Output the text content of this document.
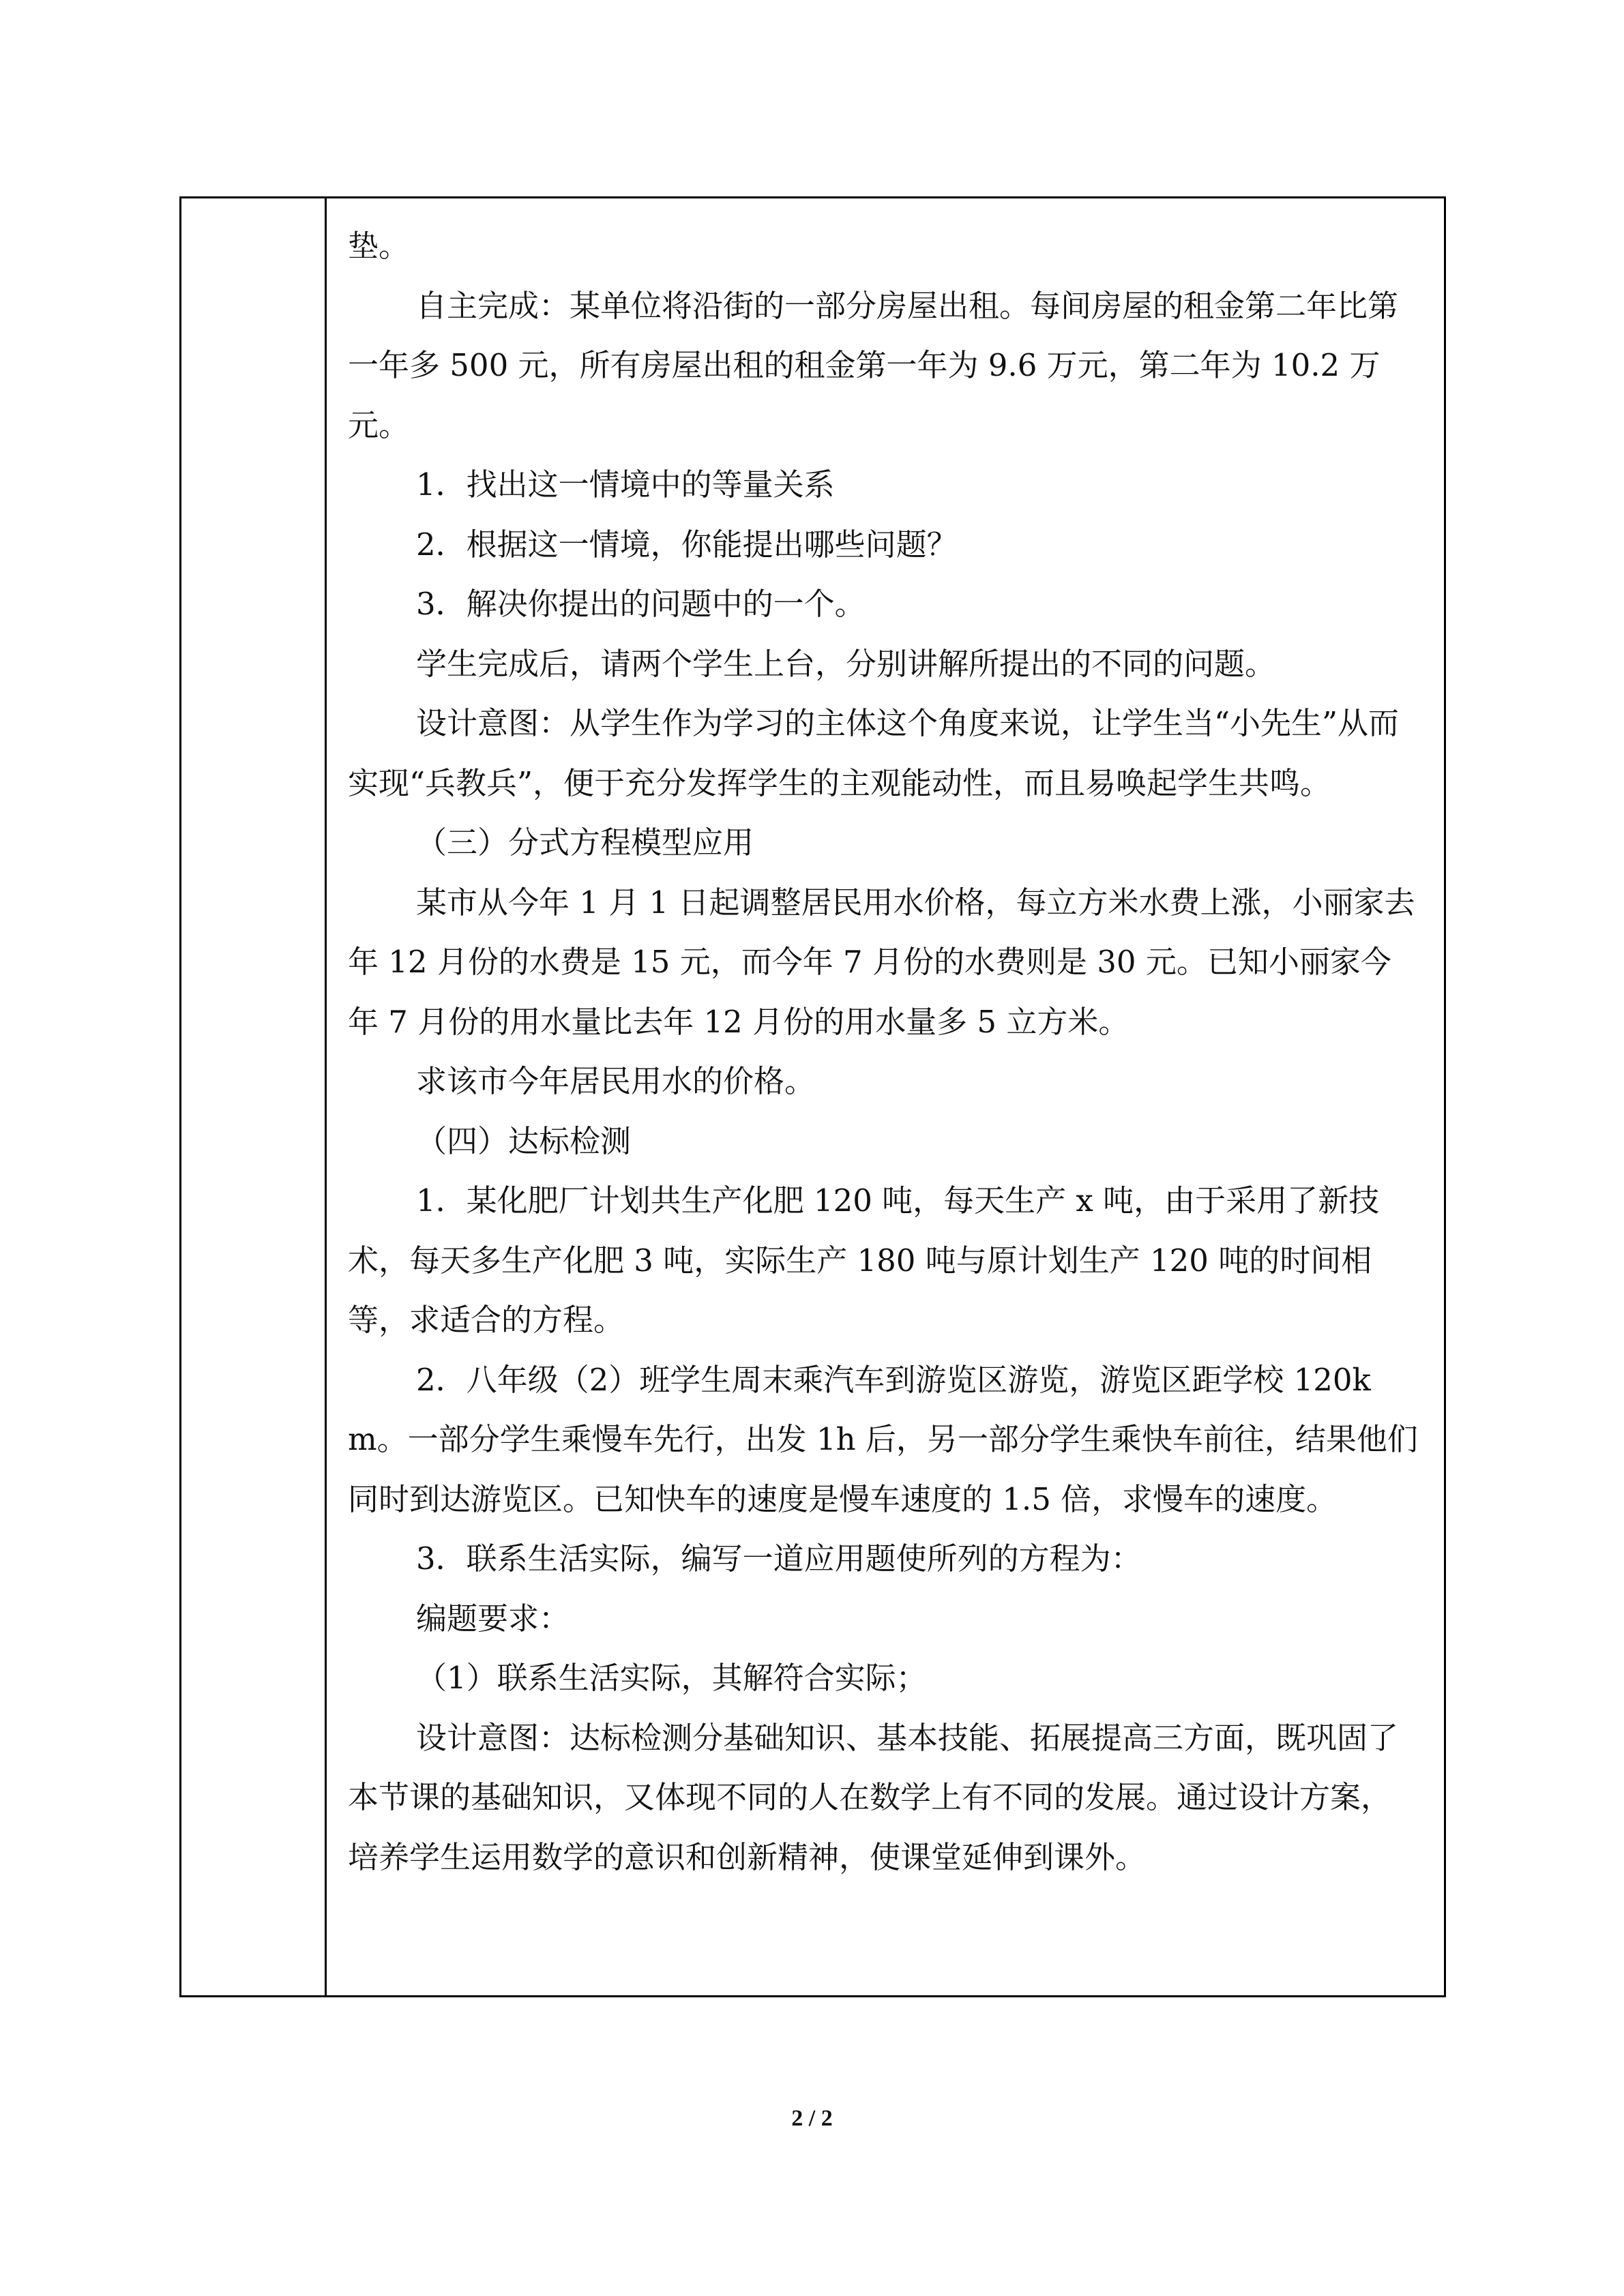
垫。

自主完成：某单位将沿街的一部分房屋出租。每间房屋的租金第二年比第一年多 500 元，所有房屋出租的租金第一年为 9.6 万元，第二年为 10.2 万元。

1．找出这一情境中的等量关系

2．根据这一情境，你能提出哪些问题？

3．解决你提出的问题中的一个。

学生完成后，请两个学生上台，分别讲解所提出的不同的问题。

设计意图：从学生作为学习的主体这个角度来说，让学生当“小先生”从而实现“兵教兵”，便于充分发挥学生的主观能动性，而且易唤起学生共鸣。

（三）分式方程模型应用

某市从今年 1 月 1 日起调整居民用水价格，每立方米水费上涨，小丽家去年 12 月份的水费是 15 元，而今年 7 月份的水费则是 30 元。已知小丽家今年 7 月份的用水量比去年 12 月份的用水量多 5 立方米。

求该市今年居民用水的价格。

（四）达标检测

1．某化肥厂计划共生产化肥 120 吨，每天生产 x 吨，由于采用了新技术，每天多生产化肥 3 吨，实际生产 180 吨与原计划生产 120 吨的时间相等，求适合的方程。

2．八年级（2）班学生周末乘汽车到游览区游览，游览区距学校 120km。一部分学生乘慢车先行，出发 1h 后，另一部分学生乘快车前往，结果他们同时到达游览区。已知快车的速度是慢车速度的 1.5 倍，求慢车的速度。

3．联系生活实际，编写一道应用题使所列的方程为：

编题要求：

（1）联系生活实际，其解符合实际；

设计意图：达标检测分基础知识、基本技能、拓展提高三方面，既巩固了本节课的基础知识，又体现不同的人在数学上有不同的发展。通过设计方案，培养学生运用数学的意识和创新精神，使课堂延伸到课外。

2 / 2
